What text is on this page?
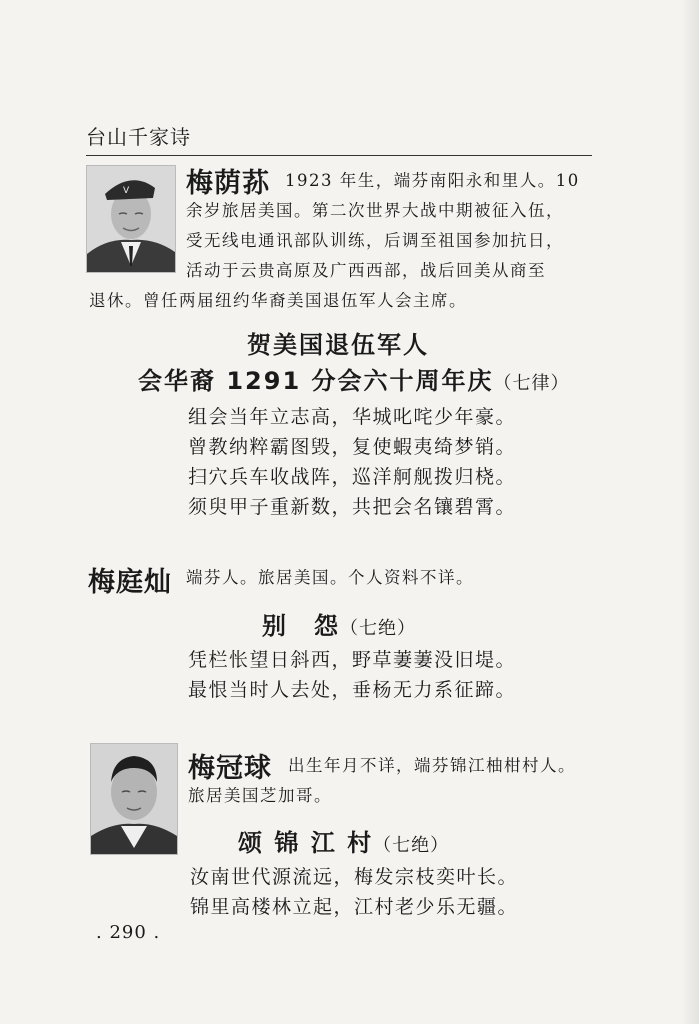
台山千家诗
V 梅荫荪 1923 年生，端芬南阳永和里人。10
余岁旅居美国。第二次世界大战中期被征入伍，
受无线电通讯部队训练，后调至祖国参加抗日，
活动于云贵高原及广西西部，战后回美从商至
退休。曾任两届纽约华裔美国退伍军人会主席。
贺美国退伍军人
会华裔 1291 分会六十周年庆（七律）
组会当年立志高，华城叱咤少年豪。
曾教纳粹霸图毁，复使蝦夷绮梦销。
扫穴兵车收战阵，巡洋舸舰拨归桡。
须臾甲子重新数，共把会名镶碧霄。
梅庭灿 端芬人。旅居美国。个人资料不详。
别　怨（七绝）
凭栏怅望日斜西，野草萋萋没旧堤。
最恨当时人去处，垂杨无力系征蹄。
梅冠球 出生年月不详，端芬锦江柚柑村人。
旅居美国芝加哥。
颂 锦 江 村（七绝）
汝南世代源流远，梅发宗枝奕叶长。
锦里高楼林立起，江村老少乐无疆。
. 290 .
